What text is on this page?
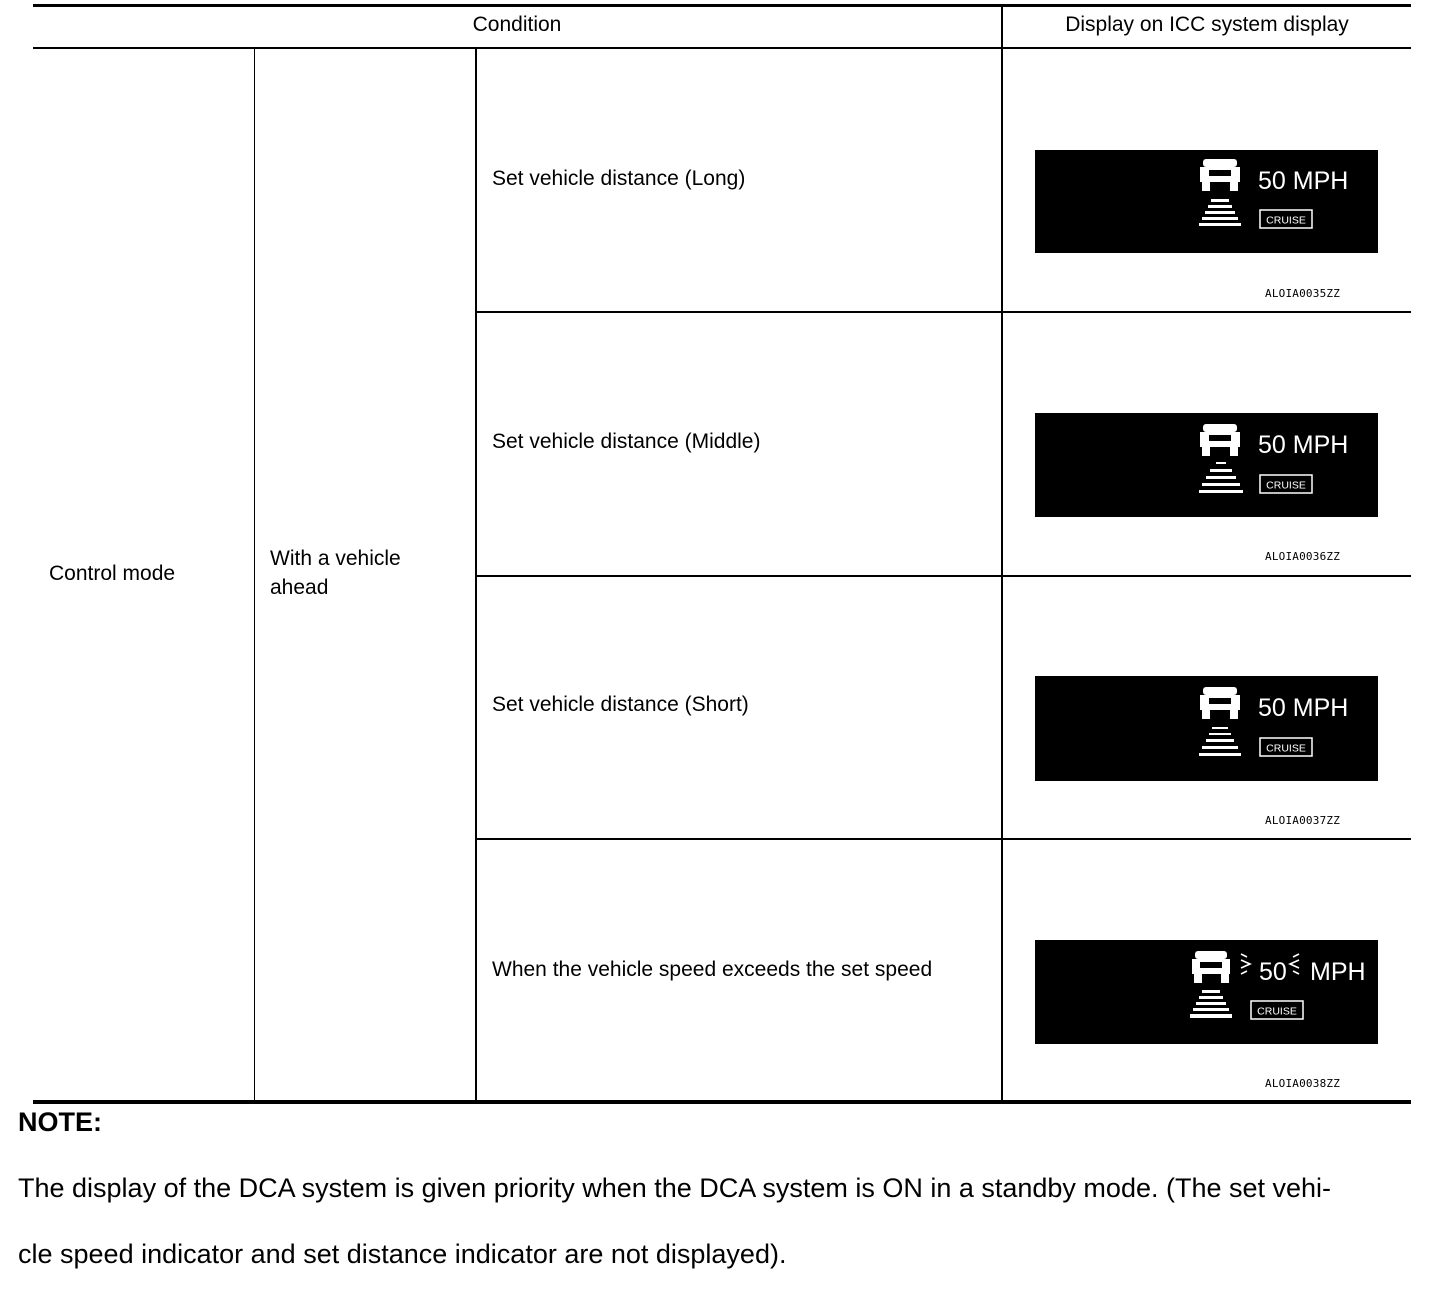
Condition	Display on ICC system display
Control mode
With a vehicle
ahead
Set vehicle distance (Long)
Set vehicle distance (Middle)
Set vehicle distance (Short)
When the vehicle speed exceeds the set speed
50 MPH
CRUISE
ALOIA0035ZZ
50 MPH
CRUISE
ALOIA0036ZZ
50 MPH
CRUISE
ALOIA0037ZZ
50 MPH
CRUISE
ALOIA0038ZZ
NOTE:

The display of the DCA system is given priority when the DCA system is ON in a standby mode. (The set vehi-

cle speed indicator and set distance indicator are not displayed).
